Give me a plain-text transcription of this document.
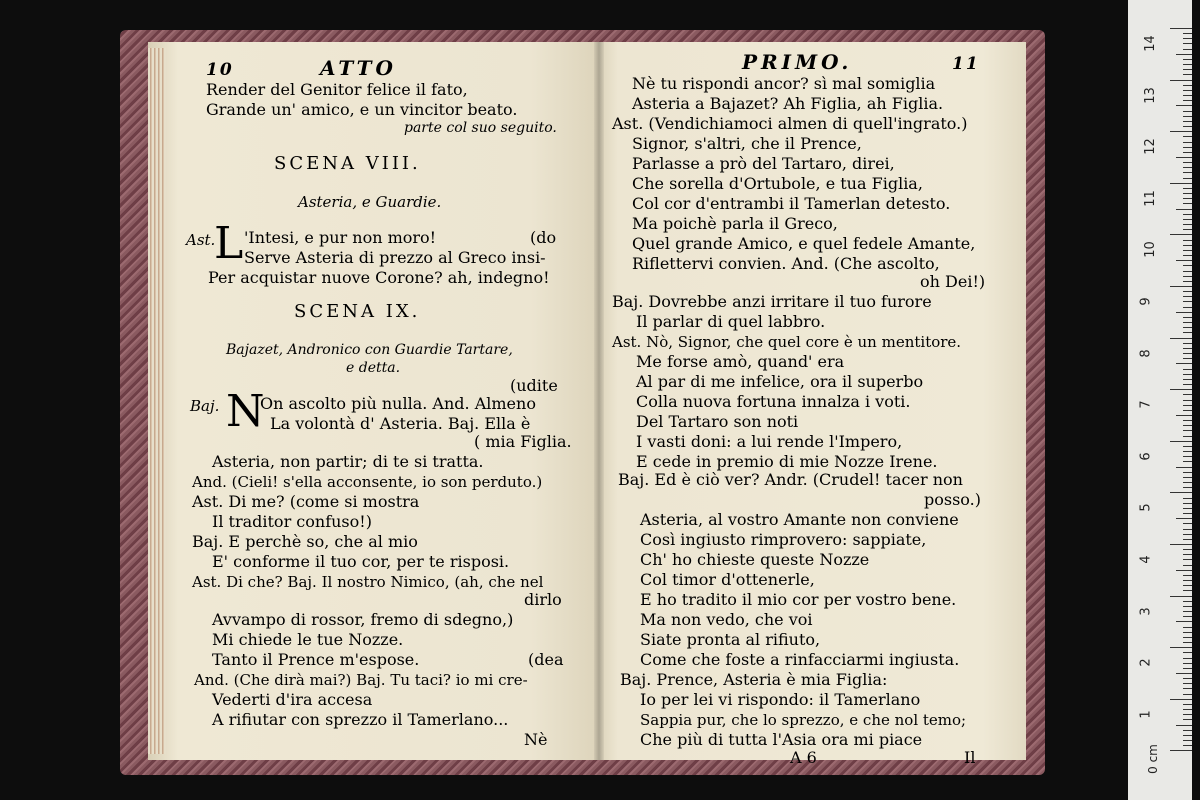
10	ATTO
Render del Genitor felice il fato,
Grande un' amico, e un vincitor beato.
parte col suo seguito.
SCENA VIII.
Asteria, e Guardie.
L
Ast. 'Intesi, e pur non moro!	(do
Serve Asteria di prezzo al Greco insi-
Per acquistar nuove Corone? ah, indegno!
SCENA IX.
Bajazet, Andronico con Guardie Tartare,
e detta.
(udite
N
Baj.	On ascolto più nulla. And. Almeno
La volontà d' Asteria. Baj. Ella è
( mia Figlia.
Asteria, non partir; di te si tratta.
And. (Cieli! s'ella acconsente, io son perduto.)
Ast. Di me? (come si mostra
Il traditor confuso!)
Baj. E perchè so, che al mio
E' conforme il tuo cor, per te risposi.
Ast. Di che? Baj. Il nostro Nimico, (ah, che nel
dirlo
Avvampo di rossor, fremo di sdegno,)
Mi chiede le tue Nozze.
Tanto il Prence m'espose.	(dea
And. (Che dirà mai?) Baj. Tu taci? io mi cre-
Vederti d'ira accesa
A rifiutar con sprezzo il Tamerlano...
Nè
PRIMO.	11
Nè tu rispondi ancor? sì mal somiglia
Asteria a Bajazet? Ah Figlia, ah Figlia.
Ast. (Vendichiamoci almen di quell'ingrato.)
Signor, s'altri, che il Prence,
Parlasse a prò del Tartaro, direi,
Che sorella d'Ortubole, e tua Figlia,
Col cor d'entrambi il Tamerlan detesto.
Ma poichè parla il Greco,
Quel grande Amico, e quel fedele Amante,
Riflettervi convien. And. (Che ascolto,
oh Dei!)
Baj. Dovrebbe anzi irritare il tuo furore
Il parlar di quel labbro.
Ast. Nò, Signor, che quel core è un mentitore.
Me forse amò, quand' era
Al par di me infelice, ora il superbo
Colla nuova fortuna innalza i voti.
Del Tartaro son noti
I vasti doni: a lui rende l'Impero,
E cede in premio di mie Nozze Irene.
Baj. Ed è ciò ver? Andr. (Crudel! tacer non
posso.)
Asteria, al vostro Amante non conviene
Così ingiusto rimprovero: sappiate,
Ch' ho chieste queste Nozze
Col timor d'ottenerle,
E ho tradito il mio cor per vostro bene.
Ma non vedo, che voi
Siate pronta al rifiuto,
Come che foste a rinfacciarmi ingiusta.
Baj. Prence, Asteria è mia Figlia:
Io per lei vi rispondo: il Tamerlano
Sappia pur, che lo sprezzo, e che nol temo;
Che più di tutta l'Asia ora mi piace
A 6	Il	0 cm
14
13
12
11
10
9
8
7
6
5
4
3
2
1
